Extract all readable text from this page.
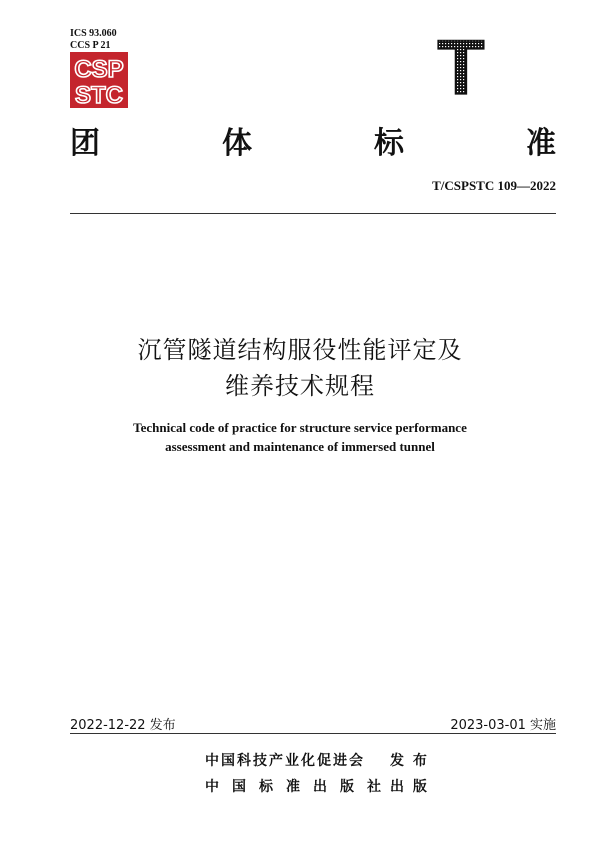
ICS 93.060
CCS P 21
CSP
STC	T
团	体	标	准
T/CSPSTC 109—2022
沉管隧道结构服役性能评定及
维养技术规程
Technical code of practice for structure service performance
assessment and maintenance of immersed tunnel
2022-12-22 发布	2023-03-01 实施
中国科技产业化促进会 发 布
中国标准出版社
出 版
